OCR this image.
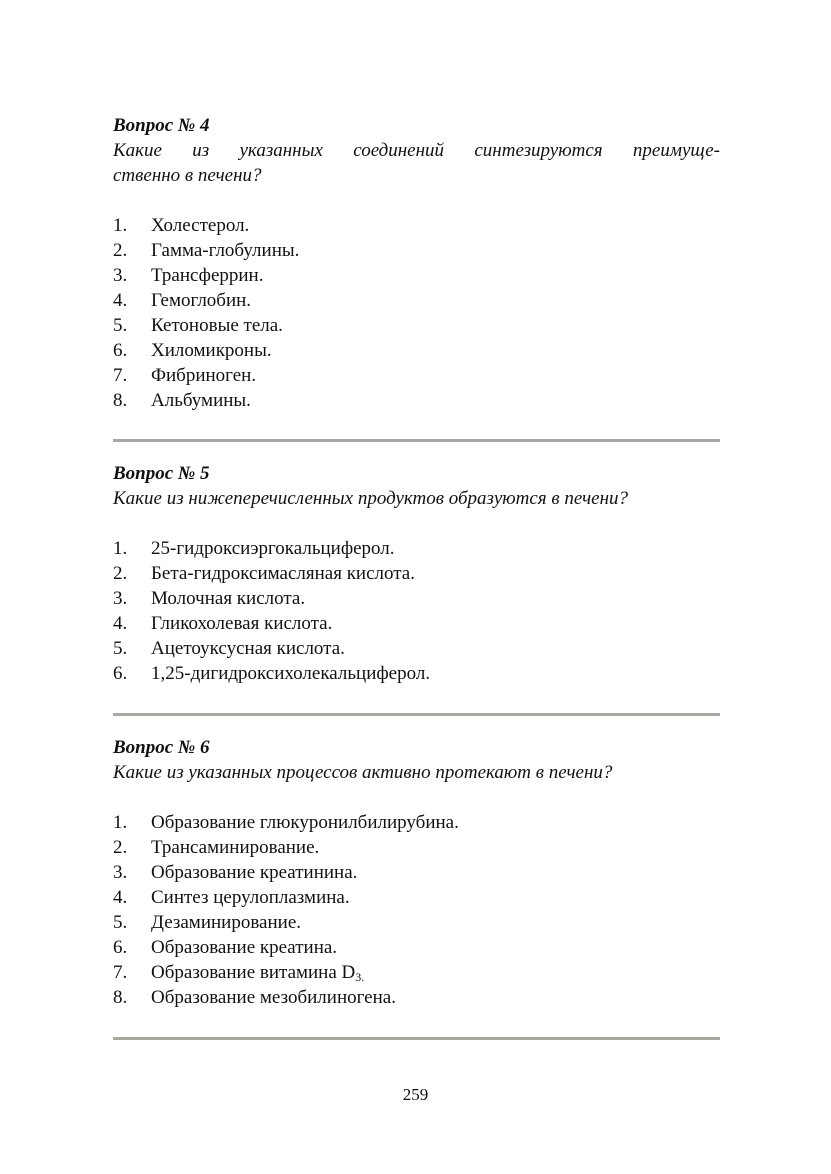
Вопрос № 4

Какие из указанных соединений синтезируются преимуще-

ственно в печени?

1.	Холестерол.
2.	Гамма-глобулины.
3.	Трансферрин.
4.	Гемоглобин.
5.	Кетоновые тела.
6.	Хиломикроны.
7.	Фибриноген.
8.	Альбумины.
Вопрос № 5

Какие из нижеперечисленных продуктов образуются в печени?

1.	25-гидроксиэргокальциферол.
2.	Бета-гидроксимасляная кислота.
3.	Молочная кислота.
4.	Гликохолевая кислота.
5.	Ацетоуксусная кислота.
6.	1,25-дигидроксихолекальциферол.
Вопрос № 6

Какие из указанных процессов активно протекают в печени?

1.	Образование глюкуронилбилирубина.
2.	Трансаминирование.
3.	Образование креатинина.
4.	Синтез церулоплазмина.
5.	Дезаминирование.
6.	Образование креатина.
7.	Образование витамина $D_{3.}$
8.	Образование мезобилиногена.
259
